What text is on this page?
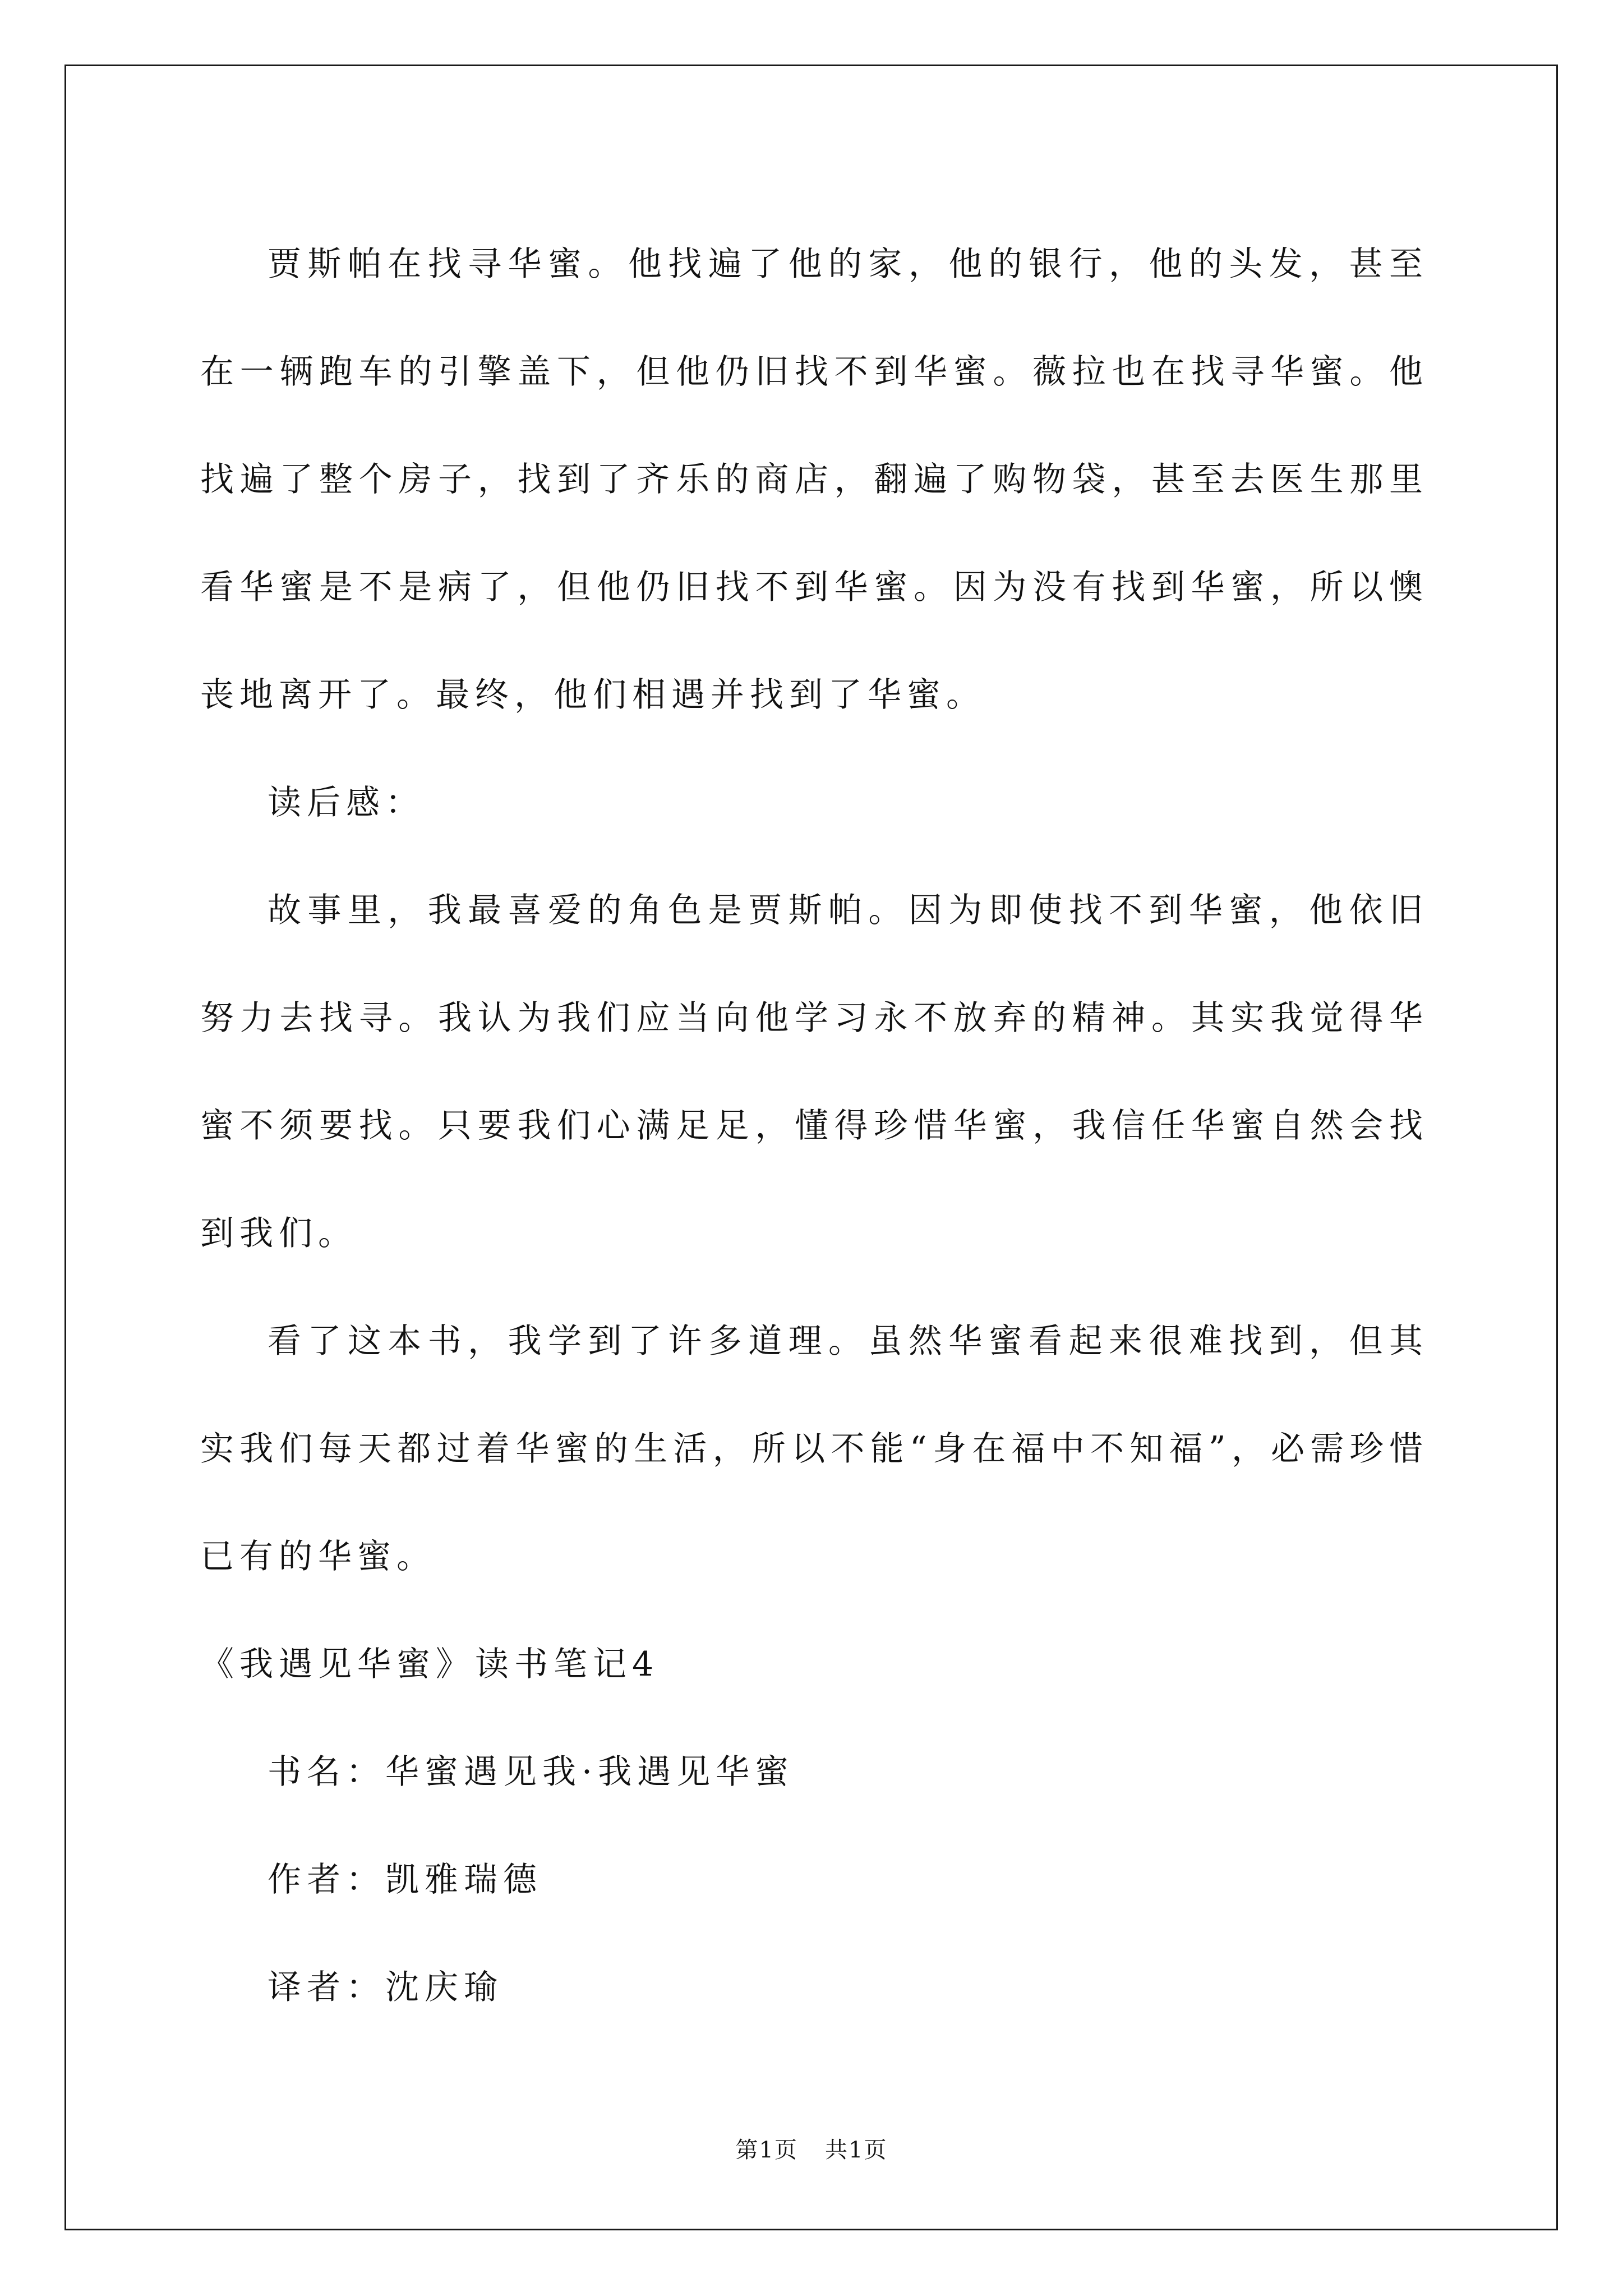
贾斯帕在找寻华蜜。他找遍了他的家，他的银行，他的头发，甚至在一辆跑车的引擎盖下，但他仍旧找不到华蜜。薇拉也在找寻华蜜。他找遍了整个房子，找到了齐乐的商店，翻遍了购物袋，甚至去医生那里看华蜜是不是病了，但他仍旧找不到华蜜。因为没有找到华蜜，所以懊丧地离开了。最终，他们相遇并找到了华蜜。

读后感：

故事里，我最喜爱的角色是贾斯帕。因为即使找不到华蜜，他依旧努力去找寻。我认为我们应当向他学习永不放弃的精神。其实我觉得华蜜不须要找。只要我们心满足足，懂得珍惜华蜜，我信任华蜜自然会找到我们。

看了这本书，我学到了许多道理。虽然华蜜看起来很难找到，但其实我们每天都过着华蜜的生活，所以不能“身在福中不知福”，必需珍惜已有的华蜜。

《我遇见华蜜》读书笔记4

书名：华蜜遇见我·我遇见华蜜

作者：凯雅瑞德

译者：沈庆瑜

第1页 共1页
